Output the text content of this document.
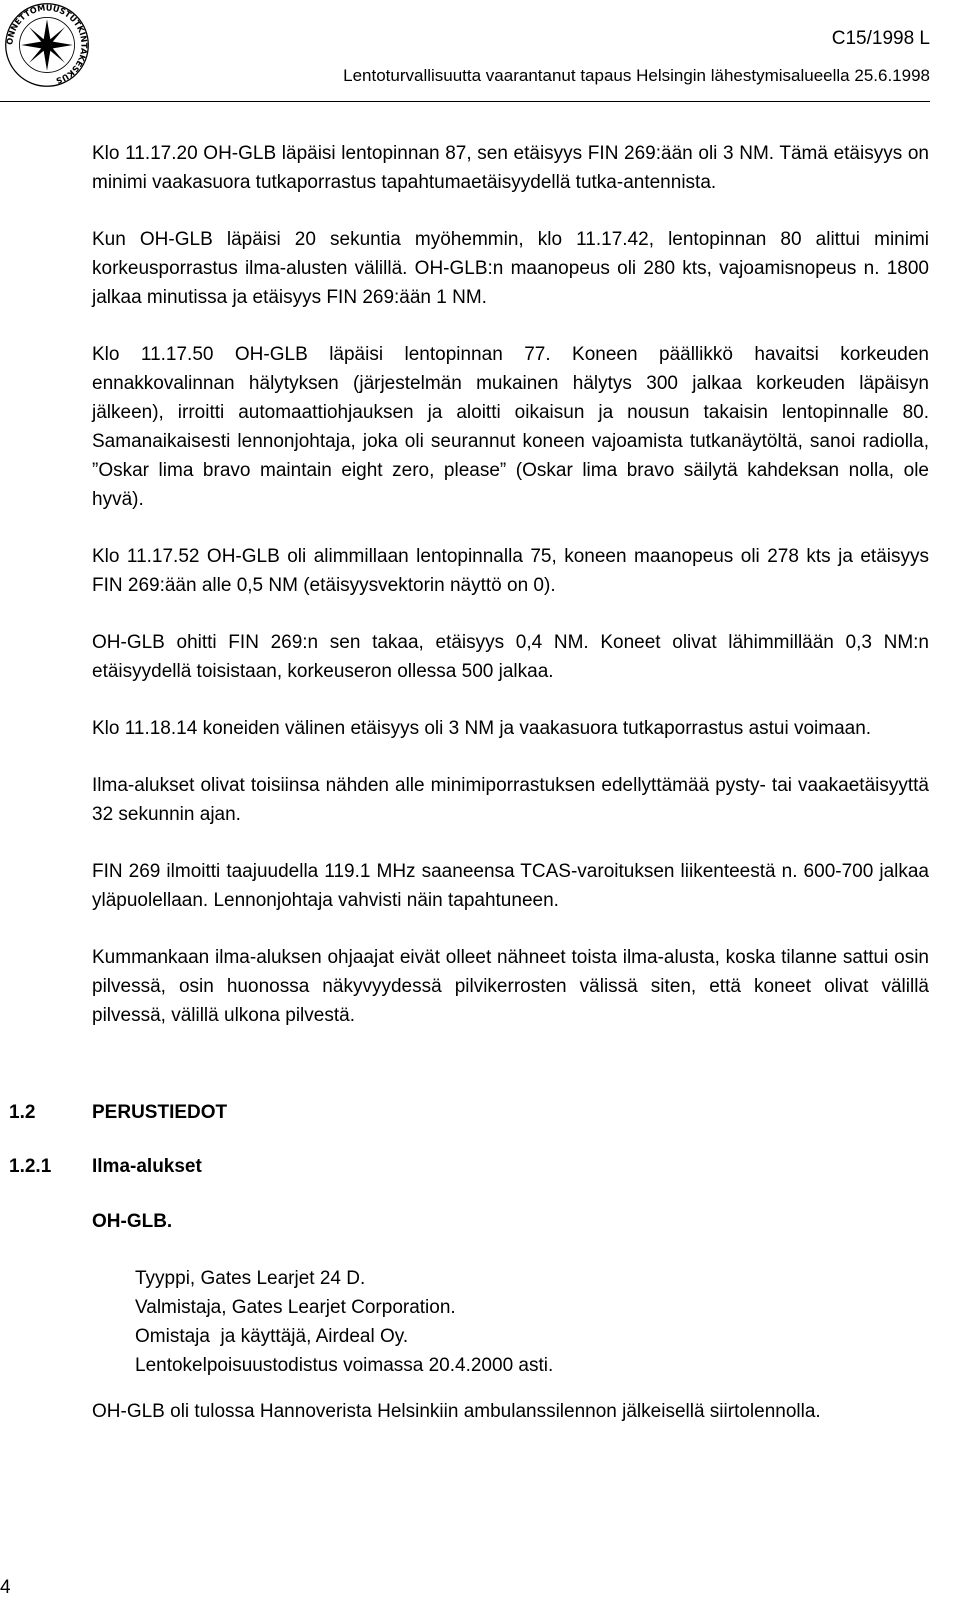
ONNETTOMUUSTUTKINTAKESKUS
C15/1998 L
Lentoturvallisuutta vaarantanut tapaus Helsingin lähestymisalueella 25.6.1998

Klo 11.17.20 OH-GLB läpäisi lentopinnan 87, sen etäisyys FIN 269:ään oli 3 NM. Tämä etäisyys on minimi vaakasuora tutkaporrastus tapahtumaetäisyydellä tutka-antennista.

Kun OH-GLB läpäisi 20 sekuntia myöhemmin, klo 11.17.42, lentopinnan 80 alittui minimi korkeusporrastus ilma-alusten välillä. OH-GLB:n maanopeus oli 280 kts, vajoamisnopeus n. 1800 jalkaa minutissa ja etäisyys FIN 269:ään 1 NM.

Klo 11.17.50 OH-GLB läpäisi lentopinnan 77. Koneen päällikkö havaitsi korkeuden ennakkovalinnan hälytyksen (järjestelmän mukainen hälytys 300 jalkaa korkeuden läpäisyn jälkeen), irroitti automaattiohjauksen ja aloitti oikaisun ja nousun takaisin lentopinnalle 80. Samanaikaisesti lennonjohtaja, joka oli seurannut koneen vajoamista tutkanäytöltä, sanoi radiolla, ”Oskar lima bravo maintain eight zero, please” (Oskar lima bravo säilytä kahdeksan nolla, ole hyvä).

Klo 11.17.52 OH-GLB oli alimmillaan lentopinnalla 75, koneen maanopeus oli 278 kts ja etäisyys FIN 269:ään alle 0,5 NM (etäisyysvektorin näyttö on 0).

OH-GLB ohitti FIN 269:n sen takaa, etäisyys 0,4 NM. Koneet olivat lähimmillään 0,3 NM:n etäisyydellä toisistaan, korkeuseron ollessa 500 jalkaa.

Klo 11.18.14 koneiden välinen etäisyys oli 3 NM ja vaakasuora tutkaporrastus astui voimaan.

Ilma-alukset olivat toisiinsa nähden alle minimiporrastuksen edellyttämää pysty- tai vaakaetäisyyttä 32 sekunnin ajan.

FIN 269 ilmoitti taajuudella 119.1 MHz saaneensa TCAS-varoituksen liikenteestä n. 600-700 jalkaa yläpuolellaan. Lennonjohtaja vahvisti näin tapahtuneen.

Kummankaan ilma-aluksen ohjaajat eivät olleet nähneet toista ilma-alusta, koska tilanne sattui osin pilvessä, osin huonossa näkyvyydessä pilvikerrosten välissä siten, että koneet olivat välillä pilvessä, välillä ulkona pilvestä.

1.2	PERUSTIEDOT
1.2.1 Ilma-alukset
OH-GLB.
Tyyppi, Gates Learjet 24 D.
Valmistaja, Gates Learjet Corporation.
Omistaja  ja käyttäjä, Airdeal Oy.
Lentokelpoisuustodistus voimassa 20.4.2000 asti.
OH-GLB oli tulossa Hannoverista Helsinkiin ambulanssilennon jälkeisellä siirtolennolla.
4
